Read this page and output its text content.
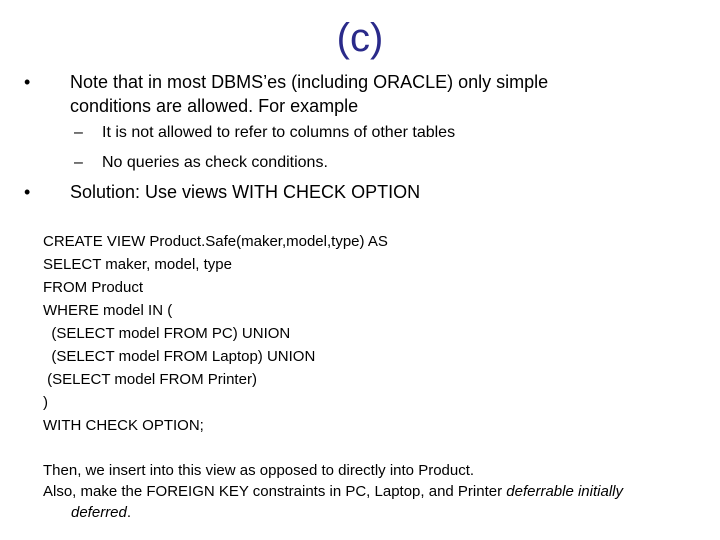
(c)
•	Note that in most DBMS’es (including ORACLE) only simple
conditions are allowed. For example
– It is not allowed to refer to columns of other tables
– No queries as check conditions.
•	Solution: Use views WITH CHECK OPTION
CREATE VIEW Product.Safe(maker,model,type) AS
SELECT maker, model, type
FROM Product
WHERE model IN (
(SELECT model FROM PC) UNION
(SELECT model FROM Laptop) UNION
(SELECT model FROM Printer)
)
WITH CHECK OPTION;
Then, we insert into this view as opposed to directly into Product.
Also, make the FOREIGN KEY constraints in PC, Laptop, and Printer deferrable initially
deferred.
